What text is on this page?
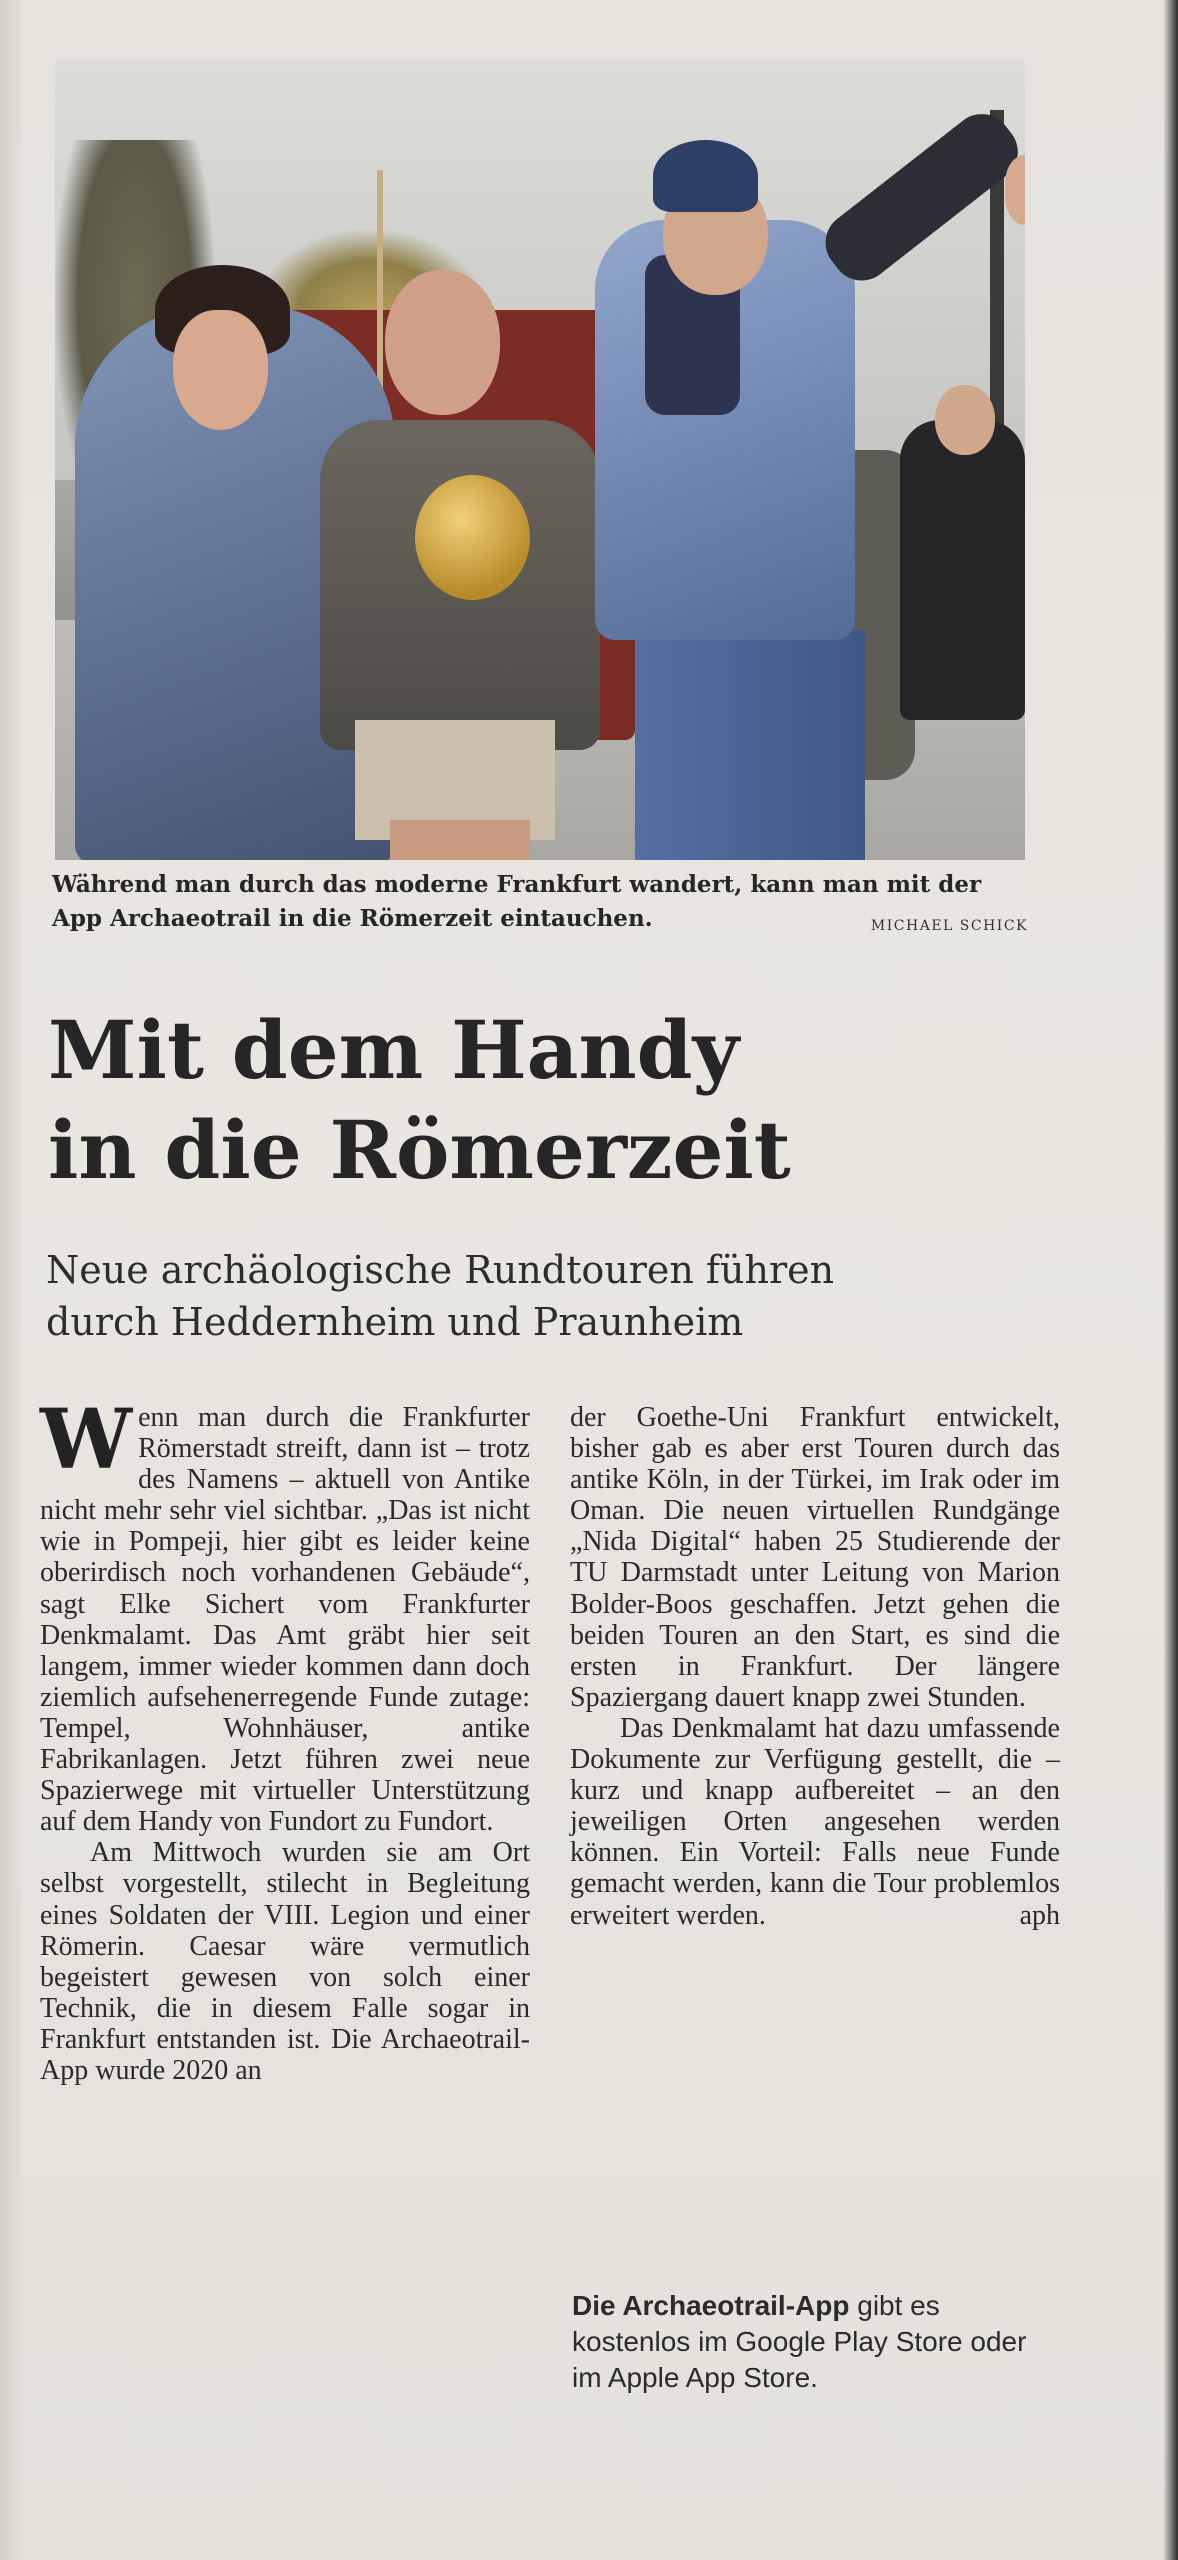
Während man durch das moderne Frankfurt wandert, kann man mit der App Archaeotrail in die Römerzeit eintauchen.	MICHAEL SCHICK
Mit dem Handy
in die Römerzeit
Neue archäologische Rundtouren führen
durch Heddernheim und Praunheim

Wenn man durch die Frankfurter Römerstadt streift, dann ist – trotz des Namens – aktuell von Antike nicht mehr sehr viel sichtbar. „Das ist nicht wie in Pompeji, hier gibt es leider keine oberirdisch noch vorhandenen Gebäude“, sagt Elke Sichert vom Frankfurter Denkmalamt. Das Amt gräbt hier seit langem, immer wieder kommen dann doch ziemlich aufsehenerregende Funde zutage: Tempel, Wohnhäuser, antike Fabrikanlagen. Jetzt führen zwei neue Spazierwege mit virtueller Unterstützung auf dem Handy von Fundort zu Fundort.

Am Mittwoch wurden sie am Ort selbst vorgestellt, stilecht in Begleitung eines Soldaten der VIII. Legion und einer Römerin. Caesar wäre vermutlich begeistert gewesen von solch einer Technik, die in diesem Falle sogar in Frankfurt entstanden ist. Die Archaeotrail-App wurde 2020 an

der Goethe-Uni Frankfurt entwickelt, bisher gab es aber erst Touren durch das antike Köln, in der Türkei, im Irak oder im Oman. Die neuen virtuellen Rundgänge „Nida Digital“ haben 25 Studierende der TU Darmstadt unter Leitung von Marion Bolder-Boos geschaffen. Jetzt gehen die beiden Touren an den Start, es sind die ersten in Frankfurt. Der längere Spaziergang dauert knapp zwei Stunden.

Das Denkmalamt hat dazu umfassende Dokumente zur Verfügung gestellt, die – kurz und knapp aufbereitet – an den jeweiligen Orten angesehen werden können. Ein Vorteil: Falls neue Funde gemacht werden, kann die Tour problemlos erweitert werden.	aph
Die Archaeotrail-App gibt es kostenlos im Google Play Store oder im Apple App Store.
